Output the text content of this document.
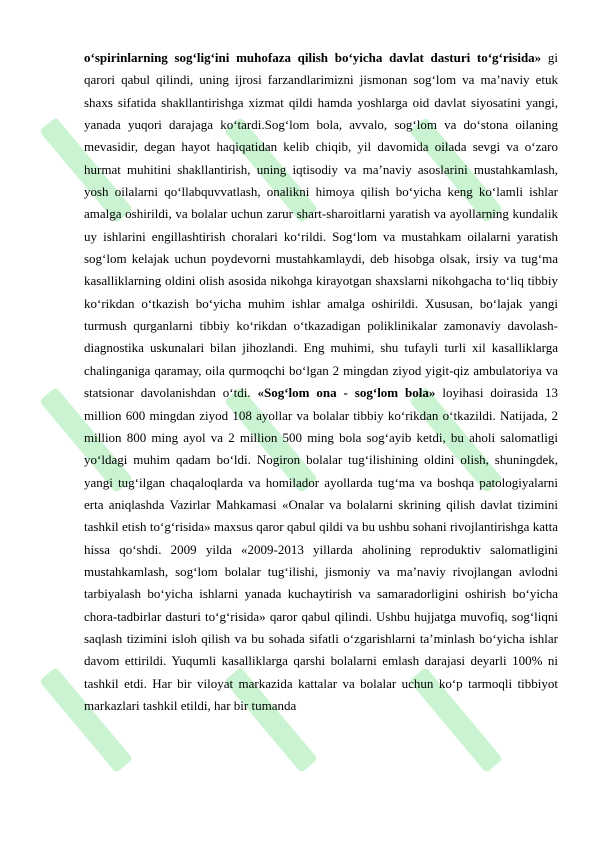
o‘spirinlarning sog‘lig‘ini muhofaza qilish bo‘yicha davlat dasturi to‘g‘risida» gi qarori qabul qilindi, uning ijrosi farzandlarimizni jismonan sog‘lom va ma’naviy etuk shaxs sifatida shakllantirishga xizmat qildi hamda yoshlarga oid davlat siyosatini yangi, yanada yuqori darajaga ko‘tardi.Sog‘lom bola, avvalo, sog‘lom va do‘stona oilaning mevasidir, degan hayot haqiqatidan kelib chiqib, yil davomida oilada sevgi va o‘zaro hurmat muhitini shakllantirish, uning iqtisodiy va ma’naviy asoslarini mustahkamlash, yosh oilalarni qo‘llabquvvatlash, onalikni himoya qilish bo‘yicha keng ko‘lamli ishlar amalga oshirildi, va bolalar uchun zarur shart-sharoitlarni yaratish va ayollarning kundalik uy ishlarini engillashtirish choralari ko‘rildi. Sog‘lom va mustahkam oilalarni yaratish sog‘lom kelajak uchun poydevorni mustahkamlaydi, deb hisobga olsak, irsiy va tug‘ma kasalliklarning oldini olish asosida nikohga kirayotgan shaxslarni nikohgacha to‘liq tibbiy ko‘rikdan o‘tkazish bo‘yicha muhim ishlar amalga oshirildi. Xususan, bo‘lajak yangi turmush qurganlarni tibbiy ko‘rikdan o‘tkazadigan poliklinikalar zamonaviy davolash-diagnostika uskunalari bilan jihozlandi. Eng muhimi, shu tufayli turli xil kasalliklarga chalinganiga qaramay, oila qurmoqchi bo‘lgan 2 mingdan ziyod yigit-qiz ambulatoriya va statsionar davolanishdan o‘tdi. «Sog‘lom ona - sog‘lom bola» loyihasi doirasida 13 million 600 mingdan ziyod 108 ayollar va bolalar tibbiy ko‘rikdan o‘tkazildi. Natijada, 2 million 800 ming ayol va 2 million 500 ming bola sog‘ayib ketdi, bu aholi salomatligi yo‘ldagi muhim qadam bo‘ldi. Nogiron bolalar tug‘ilishining oldini olish, shuningdek, yangi tug‘ilgan chaqaloqlarda va homilador ayollarda tug‘ma va boshqa patologiyalarni erta aniqlashda Vazirlar Mahkamasi «Onalar va bolalarni skrining qilish davlat tizimini tashkil etish to‘g‘risida» maxsus qaror qabul qildi va bu ushbu sohani rivojlantirishga katta hissa qo‘shdi. 2009 yilda «2009-2013 yillarda aholining reproduktiv salomatligini mustahkamlash, sog‘lom bolalar tug‘ilishi, jismoniy va ma’naviy rivojlangan avlodni tarbiyalash bo‘yicha ishlarni yanada kuchaytirish va samaradorligini oshirish bo‘yicha chora-tadbirlar dasturi to‘g‘risida» qaror qabul qilindi. Ushbu hujjatga muvofiq, sog‘liqni saqlash tizimini isloh qilish va bu sohada sifatli o‘zgarishlarni ta’minlash bo‘yicha ishlar davom ettirildi. Yuqumli kasalliklarga qarshi bolalarni emlash darajasi deyarli 100% ni tashkil etdi. Har bir viloyat markazida kattalar va bolalar uchun ko‘p tarmoqli tibbiyot markazlari tashkil etildi, har bir tumanda
